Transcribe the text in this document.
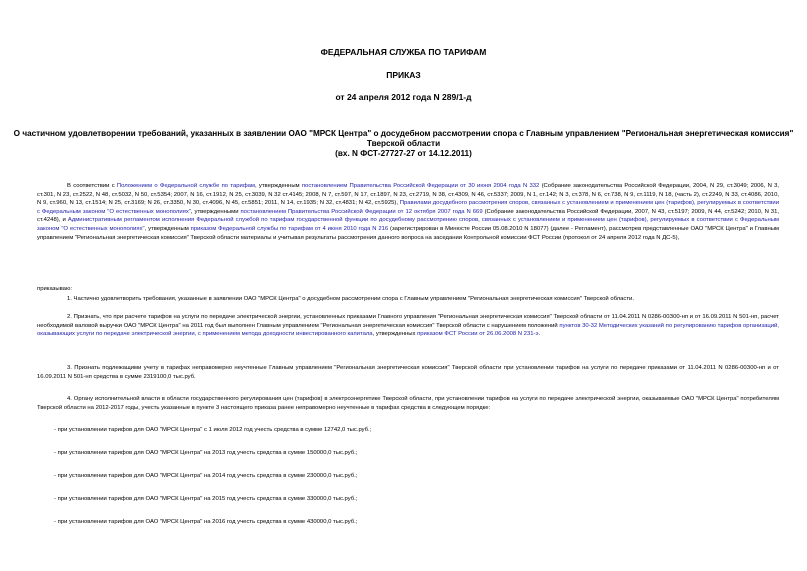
ФЕДЕРАЛЬНАЯ СЛУЖБА ПО ТАРИФАМ
ПРИКАЗ
от 24 апреля 2012 года N 289/1-д
О частичном удовлетворении требований, указанных в заявлении ОАО "МРСК Центра" о досудебном рассмотрении спора с Главным управлением "Региональная энергетическая комиссия" Тверской области
(вх. N ФСТ-27727-27 от 14.12.2011)
В соответствии с Положением о Федеральной службе по тарифам, утвержденным постановлением Правительства Российской Федерации от 30 июня 2004 года N 332 (Собрание законодательства Российской Федерации, 2004, N 29, ст.3049; 2006, N 3, ст.301, N 23, ст.2522, N 48, ст.5032, N 50, ст.5354; 2007, N 16, ст.1912, N 25, ст.3039, N 32 ст.4145; 2008, N 7, ст.597, N 17, ст.1897, N 23, ст.2719, N 38, ст.4309, N 46, ст.5337; 2009, N 1, ст.142; N 3, ст.378, N 6, ст.738, N 9, ст.1119, N 18, (часть 2), ст.2249, N 33, ст.4086, 2010, N 9, ст.960, N 13, ст.1514; N 25, ст.3169; N 26, ст.3350, N 30, ст.4096, N 45, ст.5851; 2011, N 14, ст.1935; N 32, ст.4831; N 42, ст.5925), Правилами досудебного рассмотрения споров, связанных с установлением и применением цен (тарифов), регулируемых в соответствии с Федеральным законом "О естественных монополиях", утвержденными постановлением Правительства Российской Федерации от 12 октября 2007 года N 669 (Собрание законодательства Российской Федерации, 2007, N 43, ст.5197; 2009, N 44, ст.5242; 2010, N 31, ст.4248), и Административным регламентом исполнения Федеральной службой по тарифам государственной функции по досудебному рассмотрению споров, связанных с установлением и применением цен (тарифов), регулируемых в соответствии с Федеральным законом "О естественных монополиях", утвержденным приказом Федеральной службы по тарифам от 4 июня 2010 года N 216 (зарегистрирован в Минюсте России 05.08.2010 N 18077) (далее - Регламент), рассмотрев представленные ОАО "МРСК Центра" и Главным управлением "Региональная энергетическая комиссия" Тверской области материалы и учитывая результаты рассмотрения данного вопроса на заседании Контрольной комиссии ФСТ России (протокол от 24 апреля 2012 года N ДС-5),
приказываю:
1. Частично удовлетворить требования, указанные в заявлении ОАО "МРСК Центра" о досудебном рассмотрении спора с Главным управлением "Региональная энергетическая комиссия" Тверской области.
2. Признать, что при расчете тарифов на услуги по передаче электрической энергии, установленных приказами Главного управления "Региональная энергетическая комиссия" Тверской области от 11.04.2011 N 0286-00З00-нп и от 16.09.2011 N 501-нп, расчет необходимой валовой выручки ОАО "МРСК Центра" на 2011 год был выполнен Главным управлением "Региональная энергетическая комиссия" Тверской области с нарушением положений пунктов 30-32 Методических указаний по регулированию тарифов организаций, оказывающих услуги по передаче электрической энергии, с применением метода доходности инвестированного капитала, утвержденных приказом ФСТ России от 26.06.2008 N 231-э.
3. Признать подлежащими учету в тарифах неправомерно неучтенные Главным управлением "Региональная энергетическая комиссия" Тверской области при установлении тарифов на услуги по передаче приказами от 11.04.2011 N 0286-00З00-нп и от 16.09.2011 N 501-нп средства в сумме 2319100,0 тыс.руб.
4. Органу исполнительной власти в области государственного регулирования цен (тарифов) в электроэнергетике Тверской области, при установлении тарифов на услуги по передаче электрической энергии, оказываемые ОАО "МРСК Центра" потребителям Тверской области на 2012-2017 годы, учесть указанные в пункте 3 настоящего приказа ранее неправомерно неучтенные в тарифах средства в следующем порядке:
- при установлении тарифов для ОАО "МРСК Центра" с 1 июля 2012 год учесть средства в сумме 12742,0 тыс.руб.;
- при установлении тарифов для ОАО "МРСК Центра" на 2013 год учесть средства в сумме 150000,0 тыс.руб.;
- при установлении тарифов для ОАО "МРСК Центра" на 2014 год учесть средства в сумме 230000,0 тыс.руб.;
- при установлении тарифов для ОАО "МРСК Центра" на 2015 год учесть средства в сумме 330000,0 тыс.руб.;
- при установлении тарифов для ОАО "МРСК Центра" на 2016 год учесть средства в сумме 430000,0 тыс.руб.;
